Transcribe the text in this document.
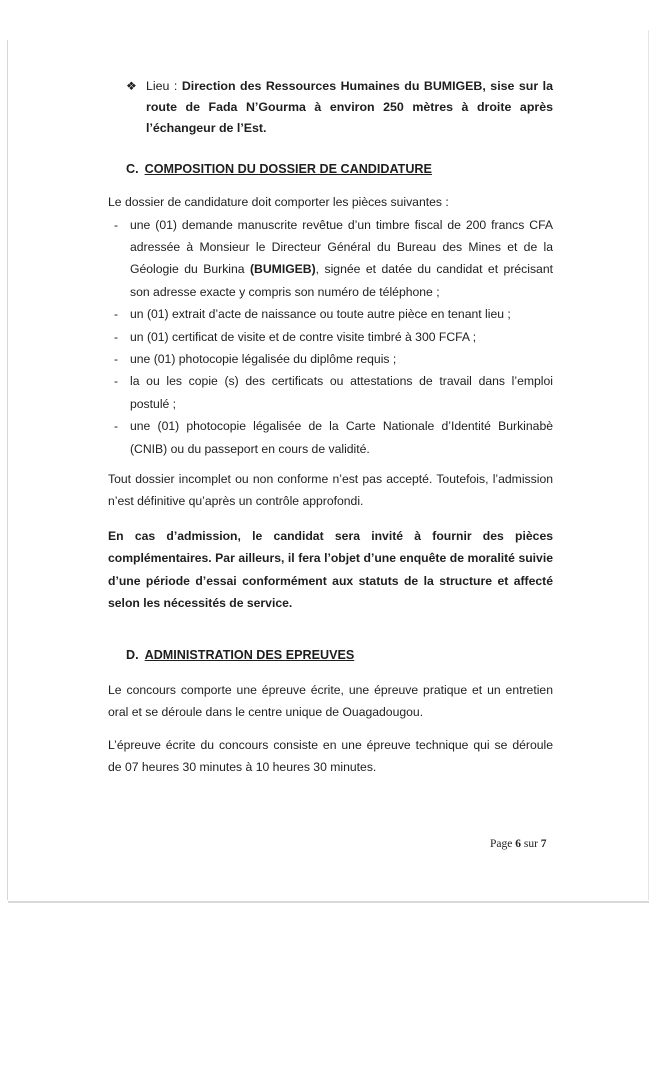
❖ Lieu : Direction des Ressources Humaines du BUMIGEB, sise sur la route de Fada N’Gourma à environ 250 mètres à droite après l’échangeur de l’Est.
C. COMPOSITION DU DOSSIER DE CANDIDATURE
Le dossier de candidature doit comporter les pièces suivantes :
- une (01) demande manuscrite revêtue d’un timbre fiscal de 200 francs CFA adressée à Monsieur le Directeur Général du Bureau des Mines et de la Géologie du Burkina (BUMIGEB), signée et datée du candidat et précisant son adresse exacte y compris son numéro de téléphone ;
- un (01) extrait d’acte de naissance ou toute autre pièce en tenant lieu ;
- un (01) certificat de visite et de contre visite timbré à 300 FCFA ;
- une (01) photocopie légalisée du diplôme requis ;
- la ou les copie (s) des certificats ou attestations de travail dans l’emploi postulé ;
- une (01) photocopie légalisée de la Carte Nationale d’Identité Burkinabè (CNIB) ou du passeport en cours de validité.
Tout dossier incomplet ou non conforme n’est pas accepté. Toutefois, l’admission n’est définitive qu’après un contrôle approfondi.
En cas d’admission, le candidat sera invité à fournir des pièces complémentaires. Par ailleurs, il fera l’objet d’une enquête de moralité suivie d’une période d’essai conformément aux statuts de la structure et affecté selon les nécessités de service.
D. ADMINISTRATION DES EPREUVES
Le concours comporte une épreuve écrite, une épreuve pratique et un entretien oral et se déroule dans le centre unique de Ouagadougou.
L’épreuve écrite du concours consiste en une épreuve technique qui se déroule de 07 heures 30 minutes à 10 heures 30 minutes.
Page 6 sur 7
